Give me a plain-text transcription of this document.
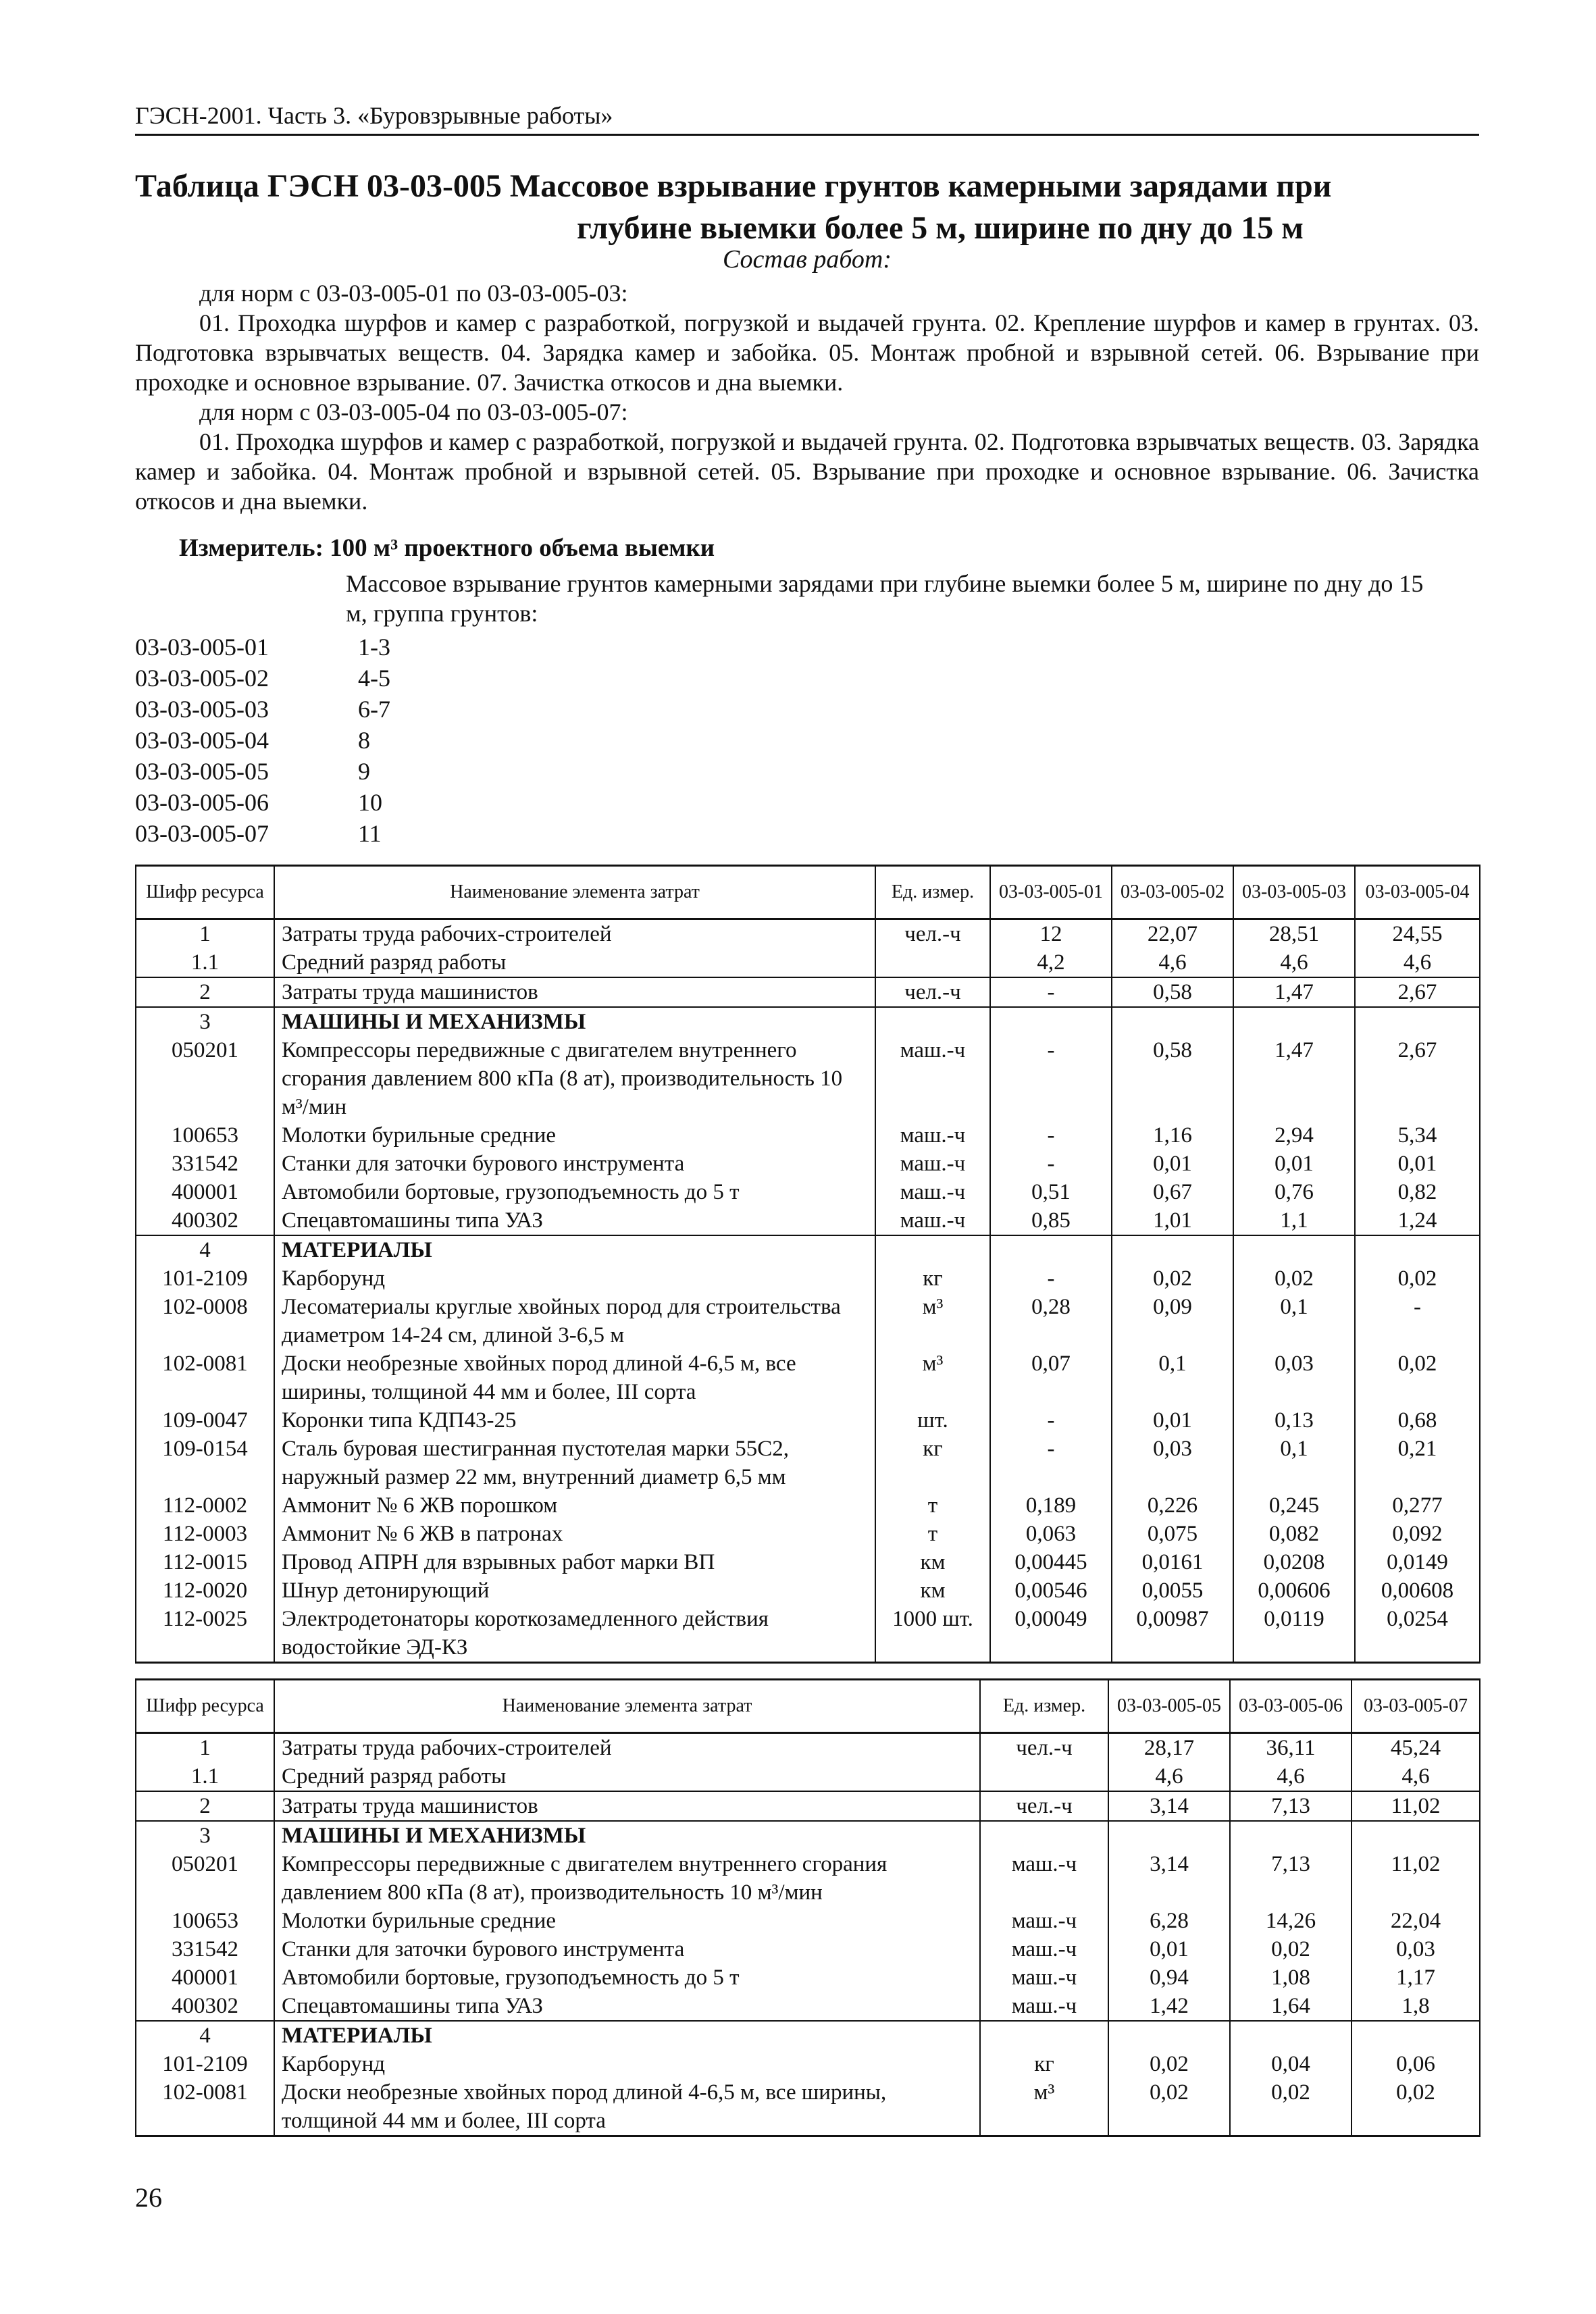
ГЭСН-2001. Часть 3. «Буровзрывные работы»
Таблица ГЭСН 03-03-005 Массовое взрывание грунтов камерными зарядами при
глубине выемки более 5 м, ширине по дну до 15 м
Состав работ:

для норм с 03-03-005-01 по 03-03-005-03:

01. Проходка шурфов и камер с разработкой, погрузкой и выдачей грунта. 02. Крепление шурфов и камер в грунтах. 03. Подготовка взрывчатых веществ. 04. Зарядка камер и забойка. 05. Монтаж пробной и взрывной сетей. 06. Взрывание при проходке и основное взрывание. 07. Зачистка откосов и дна выемки.

для норм с 03-03-005-04 по 03-03-005-07:

01. Проходка шурфов и камер с разработкой, погрузкой и выдачей грунта. 02. Подготовка взрывчатых веществ. 03. Зарядка камер и забойка. 04. Монтаж пробной и взрывной сетей. 05. Взрывание при проходке и основное взрывание. 06. Зачистка откосов и дна выемки.

Измеритель: 100 м³ проектного объема выемки
Массовое взрывание грунтов камерными зарядами при глубине выемки более 5 м, ширине по дну до 15 м, группа грунтов:
03-03-005-01	1-3
03-03-005-02	4-5
03-03-005-03	6-7
03-03-005-04	8
03-03-005-05	9
03-03-005-06	10
03-03-005-07	11
Шифр ресурса	Наименование элемента затрат	Ед. измер.	03-03-005-01	03-03-005-02	03-03-005-03	03-03-005-04
1	Затраты труда рабочих-строителей	чел.-ч	12	22,07	28,51	24,55
1.1	Средний разряд работы		4,2	4,6	4,6	4,6
2	Затраты труда машинистов	чел.-ч	-	0,58	1,47	2,67
3	МАШИНЫ И МЕХАНИЗМЫ					
050201	Компрессоры передвижные с двигателем внутреннего сгорания давлением 800 кПа (8 ат), производительность 10 м³/мин	маш.-ч	-	0,58	1,47	2,67
100653	Молотки бурильные средние	маш.-ч	-	1,16	2,94	5,34
331542	Станки для заточки бурового инструмента	маш.-ч	-	0,01	0,01	0,01
400001	Автомобили бортовые, грузоподъемность до 5 т	маш.-ч	0,51	0,67	0,76	0,82
400302	Спецавтомашины типа УАЗ	маш.-ч	0,85	1,01	1,1	1,24
4	МАТЕРИАЛЫ					
101-2109	Карборунд	кг	-	0,02	0,02	0,02
102-0008	Лесоматериалы круглые хвойных пород для строительства диаметром 14-24 см, длиной 3-6,5 м	м³	0,28	0,09	0,1	-
102-0081	Доски необрезные хвойных пород длиной 4-6,5 м, все ширины, толщиной 44 мм и более, III сорта	м³	0,07	0,1	0,03	0,02
109-0047	Коронки типа КДП43-25	шт.	-	0,01	0,13	0,68
109-0154	Сталь буровая шестигранная пустотелая марки 55С2, наружный размер 22 мм, внутренний диаметр 6,5 мм	кг	-	0,03	0,1	0,21
112-0002	Аммонит № 6 ЖВ порошком	т	0,189	0,226	0,245	0,277
112-0003	Аммонит № 6 ЖВ в патронах	т	0,063	0,075	0,082	0,092
112-0015	Провод АПРН для взрывных работ марки ВП	км	0,00445	0,0161	0,0208	0,0149
112-0020	Шнур детонирующий	км	0,00546	0,0055	0,00606	0,00608
112-0025	Электродетонаторы короткозамедленного действия водостойкие ЭД-КЗ	1000 шт.	0,00049	0,00987	0,0119	0,0254
Шифр ресурса	Наименование элемента затрат	Ед. измер.	03-03-005-05	03-03-005-06	03-03-005-07
1	Затраты труда рабочих-строителей	чел.-ч	28,17	36,11	45,24
1.1	Средний разряд работы		4,6	4,6	4,6
2	Затраты труда машинистов	чел.-ч	3,14	7,13	11,02
3	МАШИНЫ И МЕХАНИЗМЫ				
050201	Компрессоры передвижные с двигателем внутреннего сгорания давлением 800 кПа (8 ат), производительность 10 м³/мин	маш.-ч	3,14	7,13	11,02
100653	Молотки бурильные средние	маш.-ч	6,28	14,26	22,04
331542	Станки для заточки бурового инструмента	маш.-ч	0,01	0,02	0,03
400001	Автомобили бортовые, грузоподъемность до 5 т	маш.-ч	0,94	1,08	1,17
400302	Спецавтомашины типа УАЗ	маш.-ч	1,42	1,64	1,8
4	МАТЕРИАЛЫ				
101-2109	Карборунд	кг	0,02	0,04	0,06
102-0081	Доски необрезные хвойных пород длиной 4-6,5 м, все ширины, толщиной 44 мм и более, III сорта	м³	0,02	0,02	0,02
26
